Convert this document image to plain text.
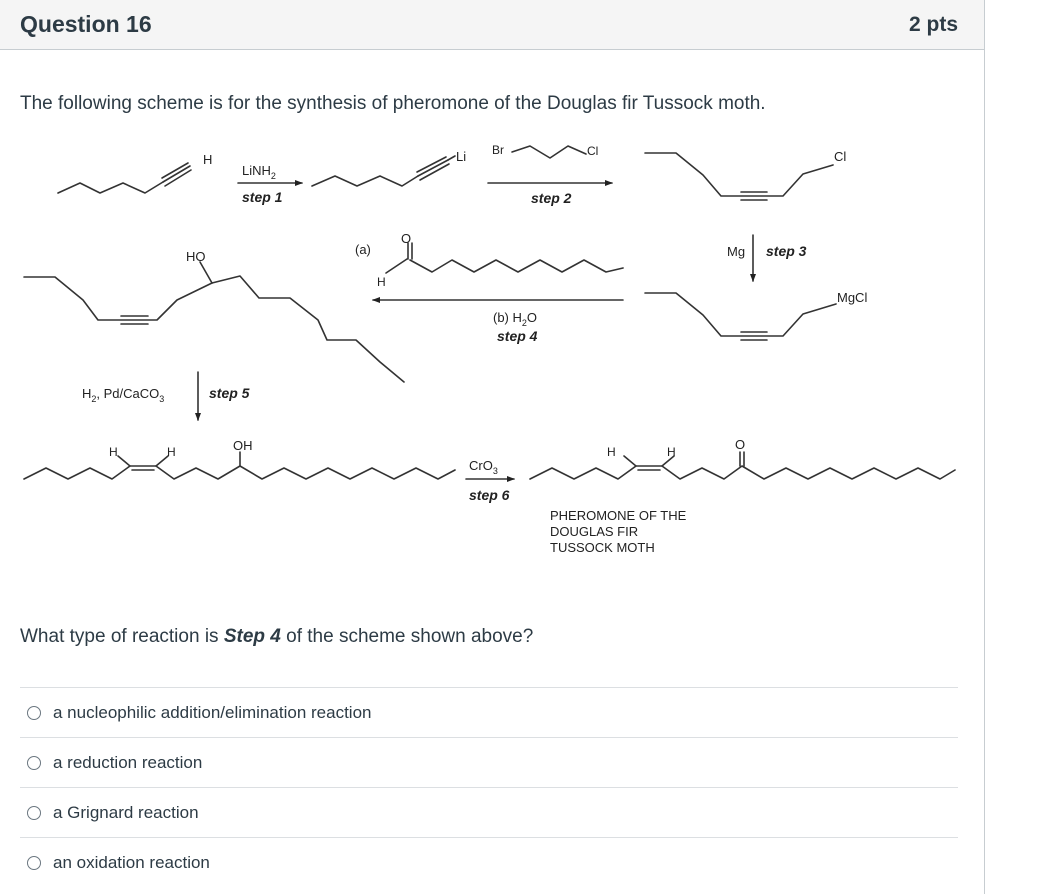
Question 16	2 pts
The following scheme is for the synthesis of pheromone of the Douglas fir Tussock moth.
H
LiNH$_2$
step 1
Li Br	Cl
step 2
Cl
Mg step 3
MgCl
HO	(a)
O
H
(b) $H_2O$
step 4
$H_2$, Pd/CaCO$_3$	step 5
H	H	OH
CrO$_3$
step 6
H	H	O
PHEROMONE OF THE
DOUGLAS FIR
TUSSOCK MOTH
What type of reaction is Step 4 of the scheme shown above?
a nucleophilic addition/elimination reaction
a reduction reaction
a Grignard reaction
an oxidation reaction
